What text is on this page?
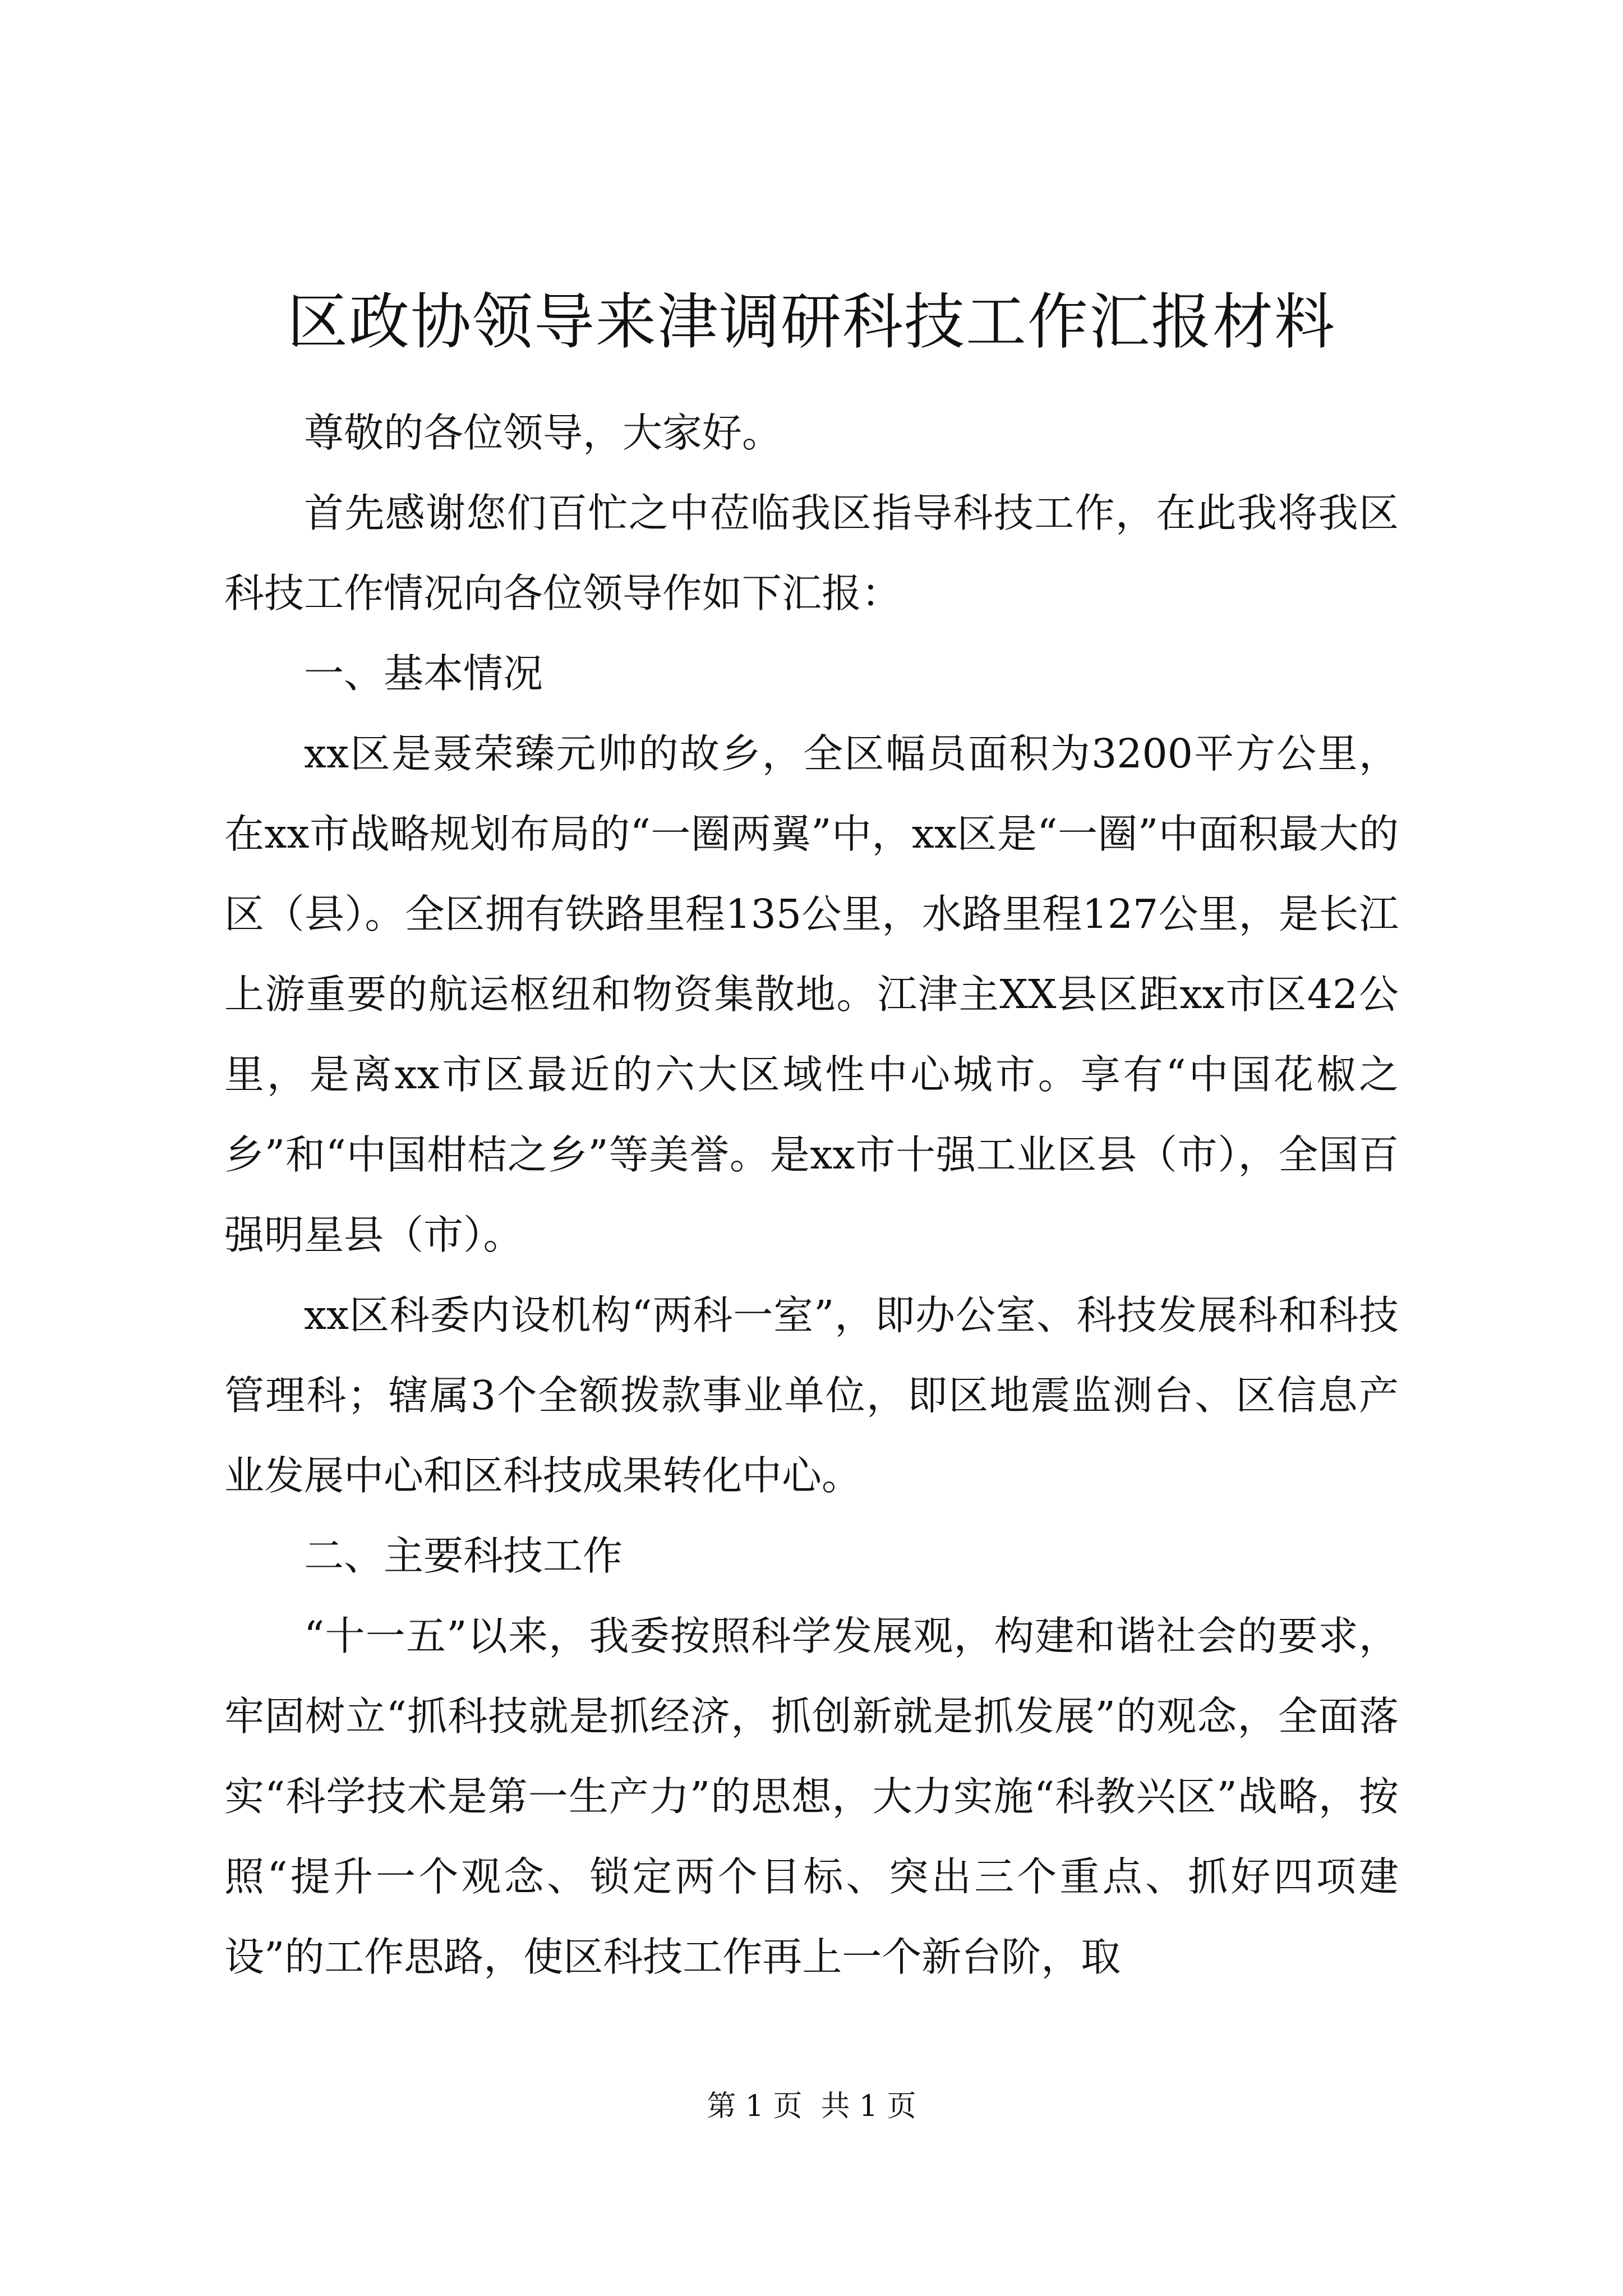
区政协领导来津调研科技工作汇报材料

尊敬的各位领导，大家好。

首先感谢您们百忙之中莅临我区指导科技工作，在此我将我区科技工作情况向各位领导作如下汇报：

一、基本情况

xx区是聂荣臻元帅的故乡，全区幅员面积为3200平方公里，在xx市战略规划布局的“一圈两翼”中，xx区是“一圈”中面积最大的区（县）。全区拥有铁路里程135公里，水路里程127公里，是长江上游重要的航运枢纽和物资集散地。江津主XX县区距xx市区42公里，是离xx市区最近的六大区域性中心城市。享有“中国花椒之乡”和“中国柑桔之乡”等美誉。是xx市十强工业区县（市），全国百强明星县（市）。

xx区科委内设机构“两科一室”，即办公室、科技发展科和科技管理科；辖属3个全额拨款事业单位，即区地震监测台、区信息产业发展中心和区科技成果转化中心。

二、主要科技工作

“十一五”以来，我委按照科学发展观，构建和谐社会的要求，牢固树立“抓科技就是抓经济，抓创新就是抓发展”的观念，全面落实“科学技术是第一生产力”的思想，大力实施“科教兴区”战略，按照“提升一个观念、锁定两个目标、突出三个重点、抓好四项建设”的工作思路，使区科技工作再上一个新台阶，取

第 1 页  共 1 页
